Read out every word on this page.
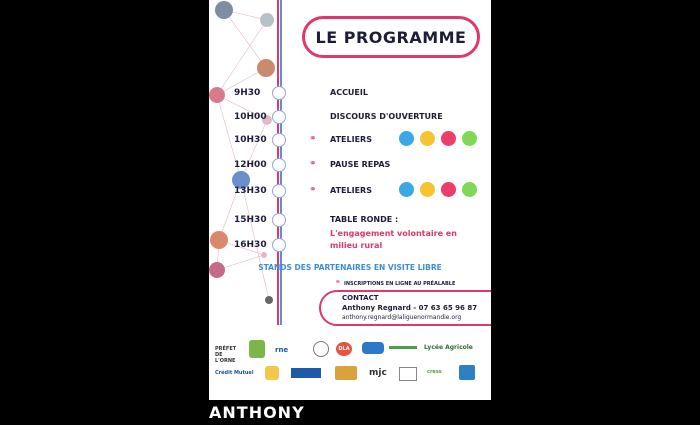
LE PROGRAMME
9H30	ACCUEIL
10H00	DISCOURS D'OUVERTURE
10H30	⚭ ATELIERS
12H00	⚭ PAUSE REPAS
13H30	⚭ ATELIERS
15H30	TABLE RONDE :
L'engagement volontaire en milieu rural
16H30
STANDS DES PARTENAIRES EN VISITE LIBRE
⚭ INSCRIPTIONS EN LIGNE AU PRÉALABLE
CONTACT
Anthony Regnard - 07 63 65 96 87
anthony.regnard@laliguenormandie.org
PRÉFET DE L'ORNE
rne	DLA	Lycée Agricole
Crédit Mutuel	mjc	cress
ANTHONY
